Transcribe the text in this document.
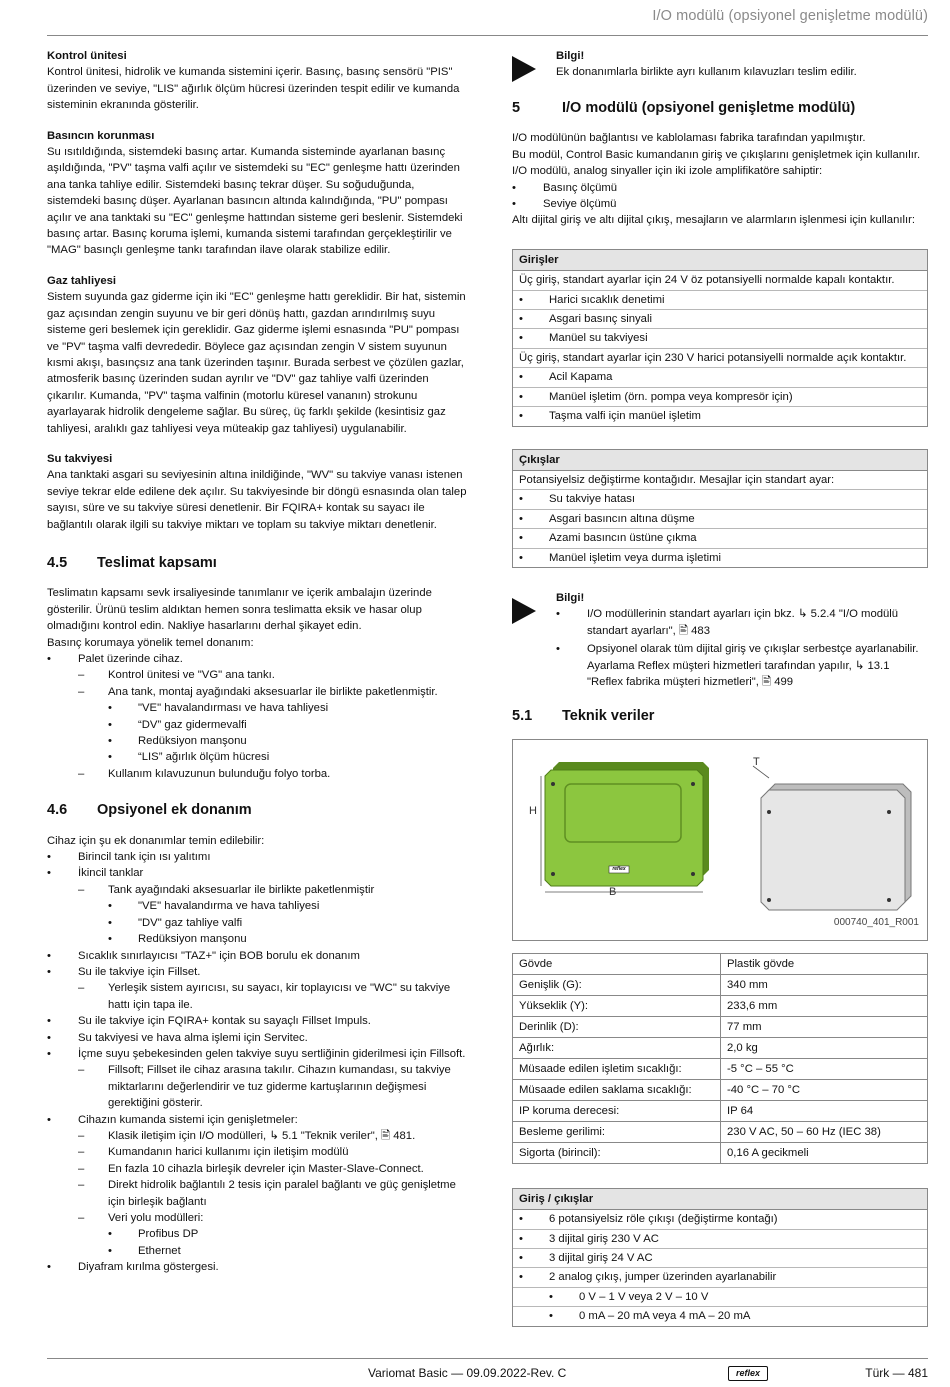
I/O modülü (opsiyonel genişletme modülü)

Kontrol ünitesi

Kontrol ünitesi, hidrolik ve kumanda sistemini içerir. Basınç, basınç sensörü "PIS" üzerinden ve seviye, "LIS" ağırlık ölçüm hücresi üzerinden tespit edilir ve kumanda sisteminin ekranında gösterilir.

Basıncın korunması

Su ısıtıldığında, sistemdeki basınç artar. Kumanda sisteminde ayarlanan basınç aşıldığında, "PV" taşma valfi açılır ve sistemdeki su "EC" genleşme hattı üzerinden ana tanka tahliye edilir. Sistemdeki basınç tekrar düşer. Su soğuduğunda, sistemdeki basınç düşer. Ayarlanan basıncın altında kalındığında, "PU" pompası açılır ve ana tanktaki su "EC" genleşme hattından sisteme geri beslenir. Sistemdeki basınç artar. Basınç koruma işlemi, kumanda sistemi tarafından gerçekleştirilir ve "MAG" basınçlı genleşme tankı tarafından ilave olarak stabilize edilir.

Gaz tahliyesi

Sistem suyunda gaz giderme için iki "EC" genleşme hattı gereklidir. Bir hat, sistemin gaz açısından zengin suyunu ve bir geri dönüş hattı, gazdan arındırılmış suyu sisteme geri beslemek için gereklidir. Gaz giderme işlemi esnasında "PU" pompası ve "PV" taşma valfi devrededir. Böylece gaz açısından zengin V sistem suyunun kısmi akışı, basınçsız ana tank üzerinden taşınır. Burada serbest ve çözülen gazlar, atmosferik basınç üzerinden sudan ayrılır ve "DV" gaz tahliye valfi üzerinden çıkarılır. Kumanda, "PV" taşma valfinin (motorlu küresel vananın) strokunu ayarlayarak hidrolik dengeleme sağlar. Bu süreç, üç farklı şekilde (kesintisiz gaz tahliyesi, aralıklı gaz tahliyesi veya müteakip gaz tahliyesi) uygulanabilir.

Su takviyesi

Ana tanktaki asgari su seviyesinin altına inildiğinde, "WV" su takviye vanası istenen seviye tekrar elde edilene dek açılır. Su takviyesinde bir döngü esnasında olan talep sayısı, süre ve su takviye süresi denetlenir. Bir FQIRA+ kontak su sayacı ile bağlantılı olarak ilgili su takviye miktarı ve toplam su takviye miktarı denetlenir.

4.5	Teslimat kapsamı

Teslimatın kapsamı sevk irsaliyesinde tanımlanır ve içerik ambalajın üzerinde gösterilir. Ürünü teslim aldıktan hemen sonra teslimatta eksik ve hasar olup olmadığını kontrol edin. Nakliye hasarlarını derhal şikayet edin.

Basınç korumaya yönelik temel donanım:

• Palet üzerinde cihaz.
– Kontrol ünitesi ve "VG" ana tankı.
– Ana tank, montaj ayağındaki aksesuarlar ile birlikte paketlenmiştir.
• "VE" havalandırması ve hava tahliyesi
• “DV” gaz gidermevalfi
• Redüksiyon manşonu
• “LIS” ağırlık ölçüm hücresi
– Kullanım kılavuzunun bulunduğu folyo torba.
4.6	Opsiyonel ek donanım

Cihaz için şu ek donanımlar temin edilebilir:

• Birincil tank için ısı yalıtımı
• İkincil tanklar
– Tank ayağındaki aksesuarlar ile birlikte paketlenmiştir
• "VE" havalandırma ve hava tahliyesi
• "DV" gaz tahliye valfi
• Redüksiyon manşonu
• Sıcaklık sınırlayıcısı "TAZ+" için BOB borulu ek donanım
• Su ile takviye için Fillset.
– Yerleşik sistem ayırıcısı, su sayacı, kir toplayıcısı ve "WC" su takviye hattı için tapa ile.
• Su ile takviye için FQIRA+ kontak su sayaçlı Fillset Impuls.
• Su takviyesi ve hava alma işlemi için Servitec.
• İçme suyu şebekesinden gelen takviye suyu sertliğinin giderilmesi için Fillsoft.
– Fillsoft; Fillset ile cihaz arasına takılır. Cihazın kumandası, su takviye miktarlarını değerlendirir ve tuz giderme kartuşlarının değişmesi gerektiğini gösterir.
• Cihazın kumanda sistemi için genişletmeler:
– Klasik iletişim için I/O modülleri, ↳ 5.1 "Teknik veriler", 🖹 481.
– Kumandanın harici kullanımı için iletişim modülü
– En fazla 10 cihazla birleşik devreler için Master-Slave-Connect.
– Direkt hidrolik bağlantılı 2 tesis için paralel bağlantı ve güç genişletme için birleşik bağlantı
– Veri yolu modülleri:
• Profibus DP
• Ethernet
• Diyafram kırılma göstergesi.

Bilgi!

Ek donanımlarla birlikte ayrı kullanım kılavuzları teslim edilir.

5	I/O modülü (opsiyonel genişletme modülü)

I/O modülünün bağlantısı ve kablolaması fabrika tarafından yapılmıştır.

Bu modül, Control Basic kumandanın giriş ve çıkışlarını genişletmek için kullanılır.

I/O modülü, analog sinyaller için iki izole amplifikatöre sahiptir:

• Basınç ölçümü
• Seviye ölçümü

Altı dijital giriş ve altı dijital çıkış, mesajların ve alarmların işlenmesi için kullanılır:

Girişler
Üç giriş, standart ayarlar için 24 V öz potansiyelli normalde kapalı kontaktır.
• Harici sıcaklık denetimi
• Asgari basınç sinyali
• Manüel su takviyesi
Üç giriş, standart ayarlar için 230 V harici potansiyelli normalde açık kontaktır.
• Acil Kapama
• Manüel işletim (örn. pompa veya kompresör için)
• Taşma valfi için manüel işletim
Çıkışlar
Potansiyelsiz değiştirme kontağıdır. Mesajlar için standart ayar:
• Su takviye hatası
• Asgari basıncın altına düşme
• Azami basıncın üstüne çıkma
• Manüel işletim veya durma işletimi

Bilgi!

• I/O modüllerinin standart ayarları için bkz. ↳ 5.2.4 "I/O modülü standart ayarları", 🖹 483
• Opsiyonel olarak tüm dijital giriş ve çıkışlar serbestçe ayarlanabilir. Ayarlama Reflex müşteri hizmetleri tarafından yapılır, ↳ 13.1 "Reflex fabrika müşteri hizmetleri", 🖹 499
5.1	Teknik veriler
H
B
T
reflex
000740_401_R001
Gövde	Plastik gövde
Genişlik (G):	340 mm
Yükseklik (Y):	233,6 mm
Derinlik (D):	77 mm
Ağırlık:	2,0 kg
Müsaade edilen işletim sıcaklığı:	-5 °C – 55 °C
Müsaade edilen saklama sıcaklığı:	-40 °C – 70 °C
IP koruma derecesi:	IP 64
Besleme gerilimi:	230 V AC, 50 – 60 Hz (IEC 38)
Sigorta (birincil):	0,16 A gecikmeli
Giriş / çıkışlar
• 6 potansiyelsiz röle çıkışı (değiştirme kontağı)
• 3 dijital giriş 230 V AC
• 3 dijital giriş 24 V AC
• 2 analog çıkış, jumper üzerinden ayarlanabilir
• 0 V – 1 V veya 2 V – 10 V
• 0 mA – 20 mA veya 4 mA – 20 mA
Variomat Basic — 09.09.2022-Rev. C	reflex	Türk — 481
